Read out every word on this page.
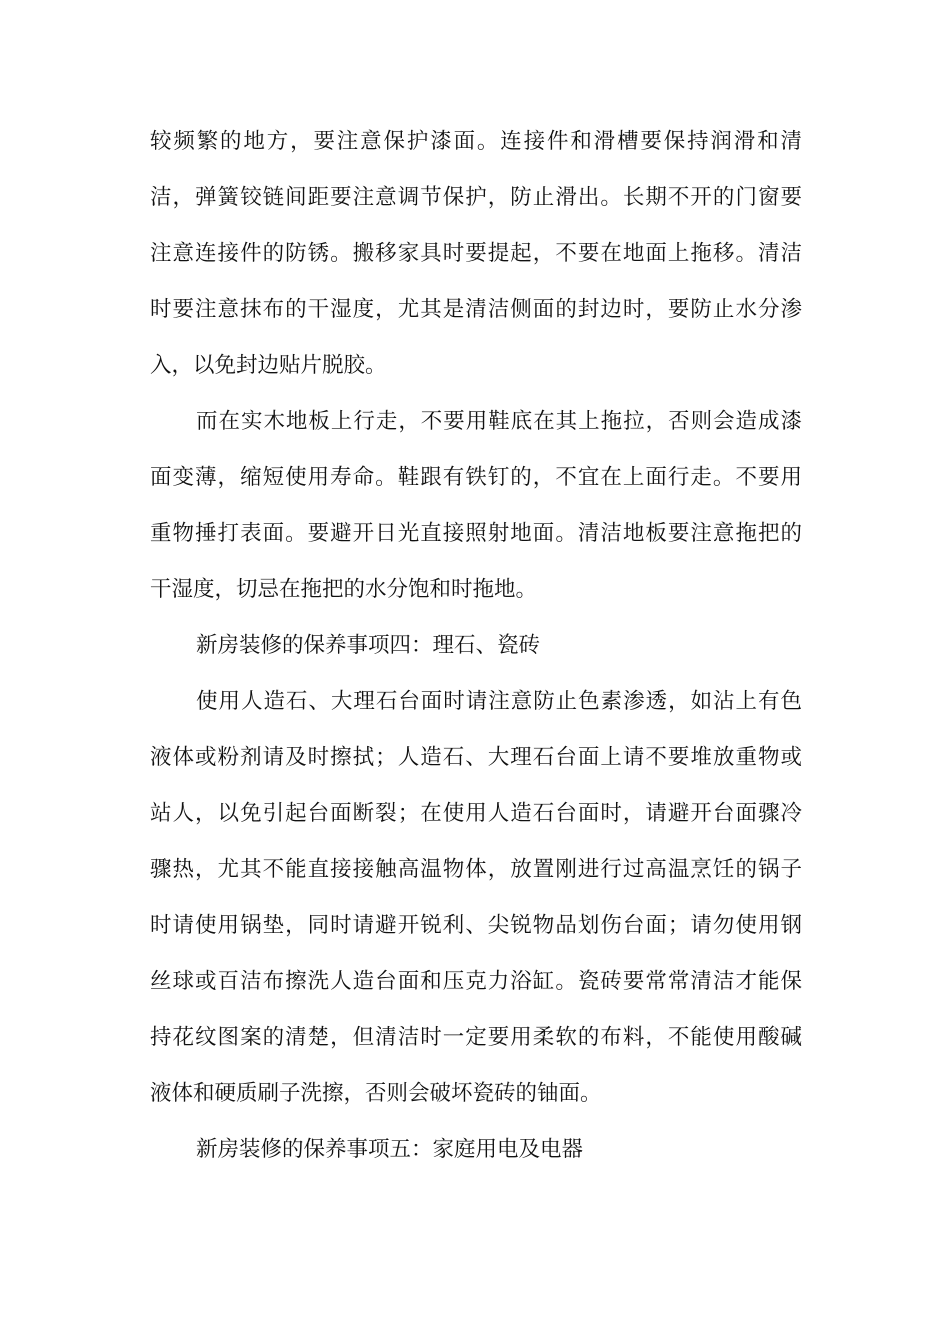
较频繁的地方，要注意保护漆面。连接件和滑槽要保持润滑和清
洁，弹簧铰链间距要注意调节保护，防止滑出。长期不开的门窗要
注意连接件的防锈。搬移家具时要提起，不要在地面上拖移。清洁
时要注意抹布的干湿度，尤其是清洁侧面的封边时，要防止水分渗
入，以免封边贴片脱胶。
而在实木地板上行走，不要用鞋底在其上拖拉，否则会造成漆
面变薄，缩短使用寿命。鞋跟有铁钉的，不宜在上面行走。不要用
重物捶打表面。要避开日光直接照射地面。清洁地板要注意拖把的
干湿度，切忌在拖把的水分饱和时拖地。
新房装修的保养事项四：理石、瓷砖
使用人造石、大理石台面时请注意防止色素渗透，如沾上有色
液体或粉剂请及时擦拭；人造石、大理石台面上请不要堆放重物或
站人，以免引起台面断裂；在使用人造石台面时，请避开台面骤冷
骤热，尤其不能直接接触高温物体，放置刚进行过高温烹饪的锅子
时请使用锅垫，同时请避开锐利、尖锐物品划伤台面；请勿使用钢
丝球或百洁布擦洗人造台面和压克力浴缸。瓷砖要常常清洁才能保
持花纹图案的清楚，但清洁时一定要用柔软的布料，不能使用酸碱
液体和硬质刷子洗擦，否则会破坏瓷砖的铀面。
新房装修的保养事项五：家庭用电及电器
